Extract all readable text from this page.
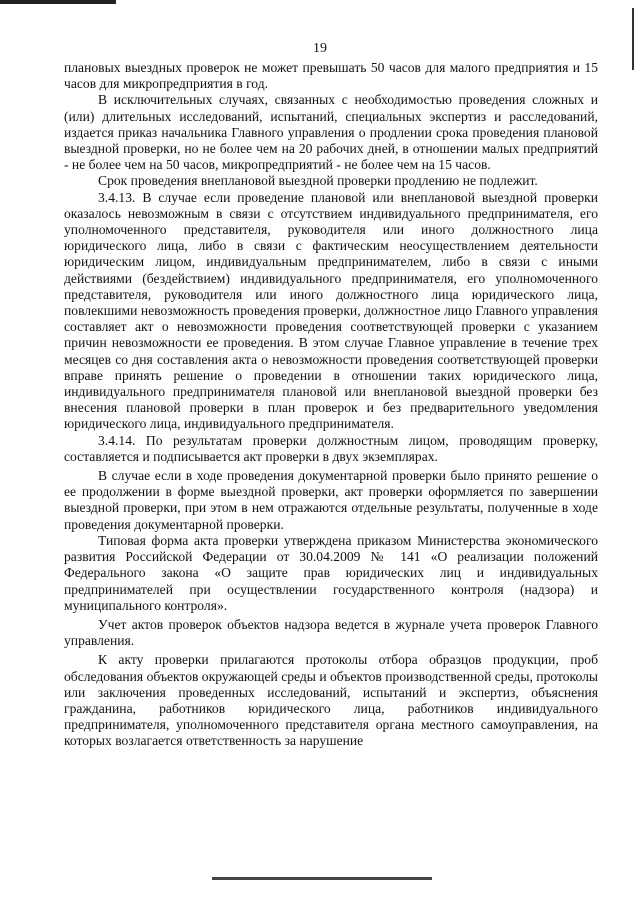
19

плановых выездных проверок не может превышать 50 часов для малого предприятия и 15 часов для микропредприятия в год.

В исключительных случаях, связанных с необходимостью проведения сложных и (или) длительных исследований, испытаний, специальных экспертиз и расследований, издается приказ начальника Главного управления о продлении срока проведения плановой выездной проверки, но не более чем на 20 рабочих дней, в отношении малых предприятий - не более чем на 50 часов, микропредприятий - не более чем на 15 часов.

Срок проведения внеплановой выездной проверки продлению не подлежит.

3.4.13. В случае если проведение плановой или внеплановой выездной проверки оказалось невозможным в связи с отсутствием индивидуального предпринимателя, его уполномоченного представителя, руководителя или иного должностного лица юридического лица, либо в связи с фактическим неосуществлением деятельности юридическим лицом, индивидуальным предпринимателем, либо в связи с иными действиями (бездействием) индивидуального предпринимателя, его уполномоченного представителя, руководителя или иного должностного лица юридического лица, повлекшими невозможность проведения проверки, должностное лицо Главного управления составляет акт о невозможности проведения соответствующей проверки с указанием причин невозможности ее проведения. В этом случае Главное управление в течение трех месяцев со дня составления акта о невозможности проведения соответствующей проверки вправе принять решение о проведении в отношении таких юридического лица, индивидуального предпринимателя плановой или внеплановой выездной проверки без внесения плановой проверки в план проверок и без предварительного уведомления юридического лица, индивидуального предпринимателя.

3.4.14. По результатам проверки должностным лицом, проводящим проверку, составляется и подписывается акт проверки в двух экземплярах.

В случае если в ходе проведения документарной проверки было принято решение о ее продолжении в форме выездной проверки, акт проверки оформляется по завершении выездной проверки, при этом в нем отражаются отдельные результаты, полученные в ходе проведения документарной проверки.

Типовая форма акта проверки утверждена приказом Министерства экономического развития Российской Федерации от 30.04.2009 № 141 «О реализации положений Федерального закона «О защите прав юридических лиц и индивидуальных предпринимателей при осуществлении государственного контроля (надзора) и муниципального контроля».

Учет актов проверок объектов надзора ведется в журнале учета проверок Главного управления.

К акту проверки прилагаются протоколы отбора образцов продукции, проб обследования объектов окружающей среды и объектов производственной среды, протоколы или заключения проведенных исследований, испытаний и экспертиз, объяснения гражданина, работников юридического лица, работников индивидуального предпринимателя, уполномоченного представителя органа местного самоуправления, на которых возлагается ответственность за нарушение
